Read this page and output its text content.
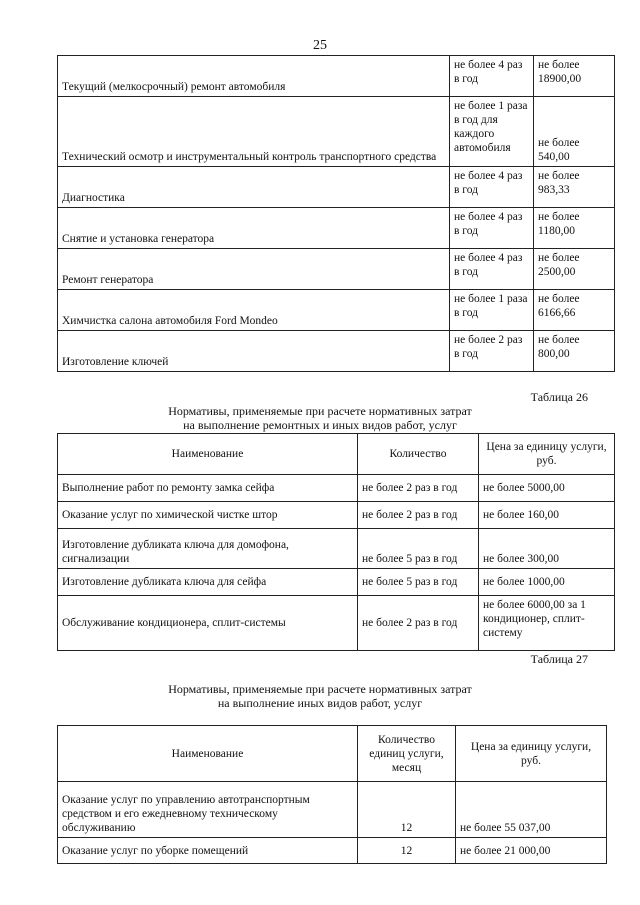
25
Текущий (мелкосрочный) ремонт автомобиля	не более 4 раз в год	не более 18900,00
Технический осмотр и инструментальный контроль транспортного средства	не более 1 раза в год для каждого автомобиля	не более 540,00
Диагностика	не более 4 раз в год	не более 983,33
Снятие и установка генератора	не более 4 раз в год	не более 1180,00
Ремонт генератора	не более 4 раз в год	не более 2500,00
Химчистка салона автомобиля Ford Mondeo	не более 1 раза в год	не более 6166,66
Изготовление ключей	не более 2 раз в год	не более 800,00
Таблица 26
Нормативы, применяемые при расчете нормативных затрат
на выполнение ремонтных и иных видов работ, услуг
Наименование	Количество	Цена за единицу услуги, руб.
Выполнение работ по ремонту замка сейфа	не более 2 раз в год	не более 5000,00
Оказание услуг по химической чистке штор	не более 2 раз в год	не более 160,00
Изготовление дубликата ключа для домофона, сигнализации	не более 5 раз в год	не более 300,00
Изготовление дубликата ключа для сейфа	не более 5 раз в год	не более 1000,00
Обслуживание кондиционера, сплит-системы	не более 2 раз в год	не более 6000,00 за 1 кондиционер, сплит-систему
Таблица 27
Нормативы, применяемые при расчете нормативных затрат
на выполнение иных видов работ, услуг
Наименование	Количество единиц услуги, месяц	Цена за единицу услуги, руб.
Оказание услуг по управлению автотранспортным средством и его ежедневному техническому обслуживанию	12	не более 55 037,00
Оказание услуг по уборке помещений	12	не более 21 000,00
